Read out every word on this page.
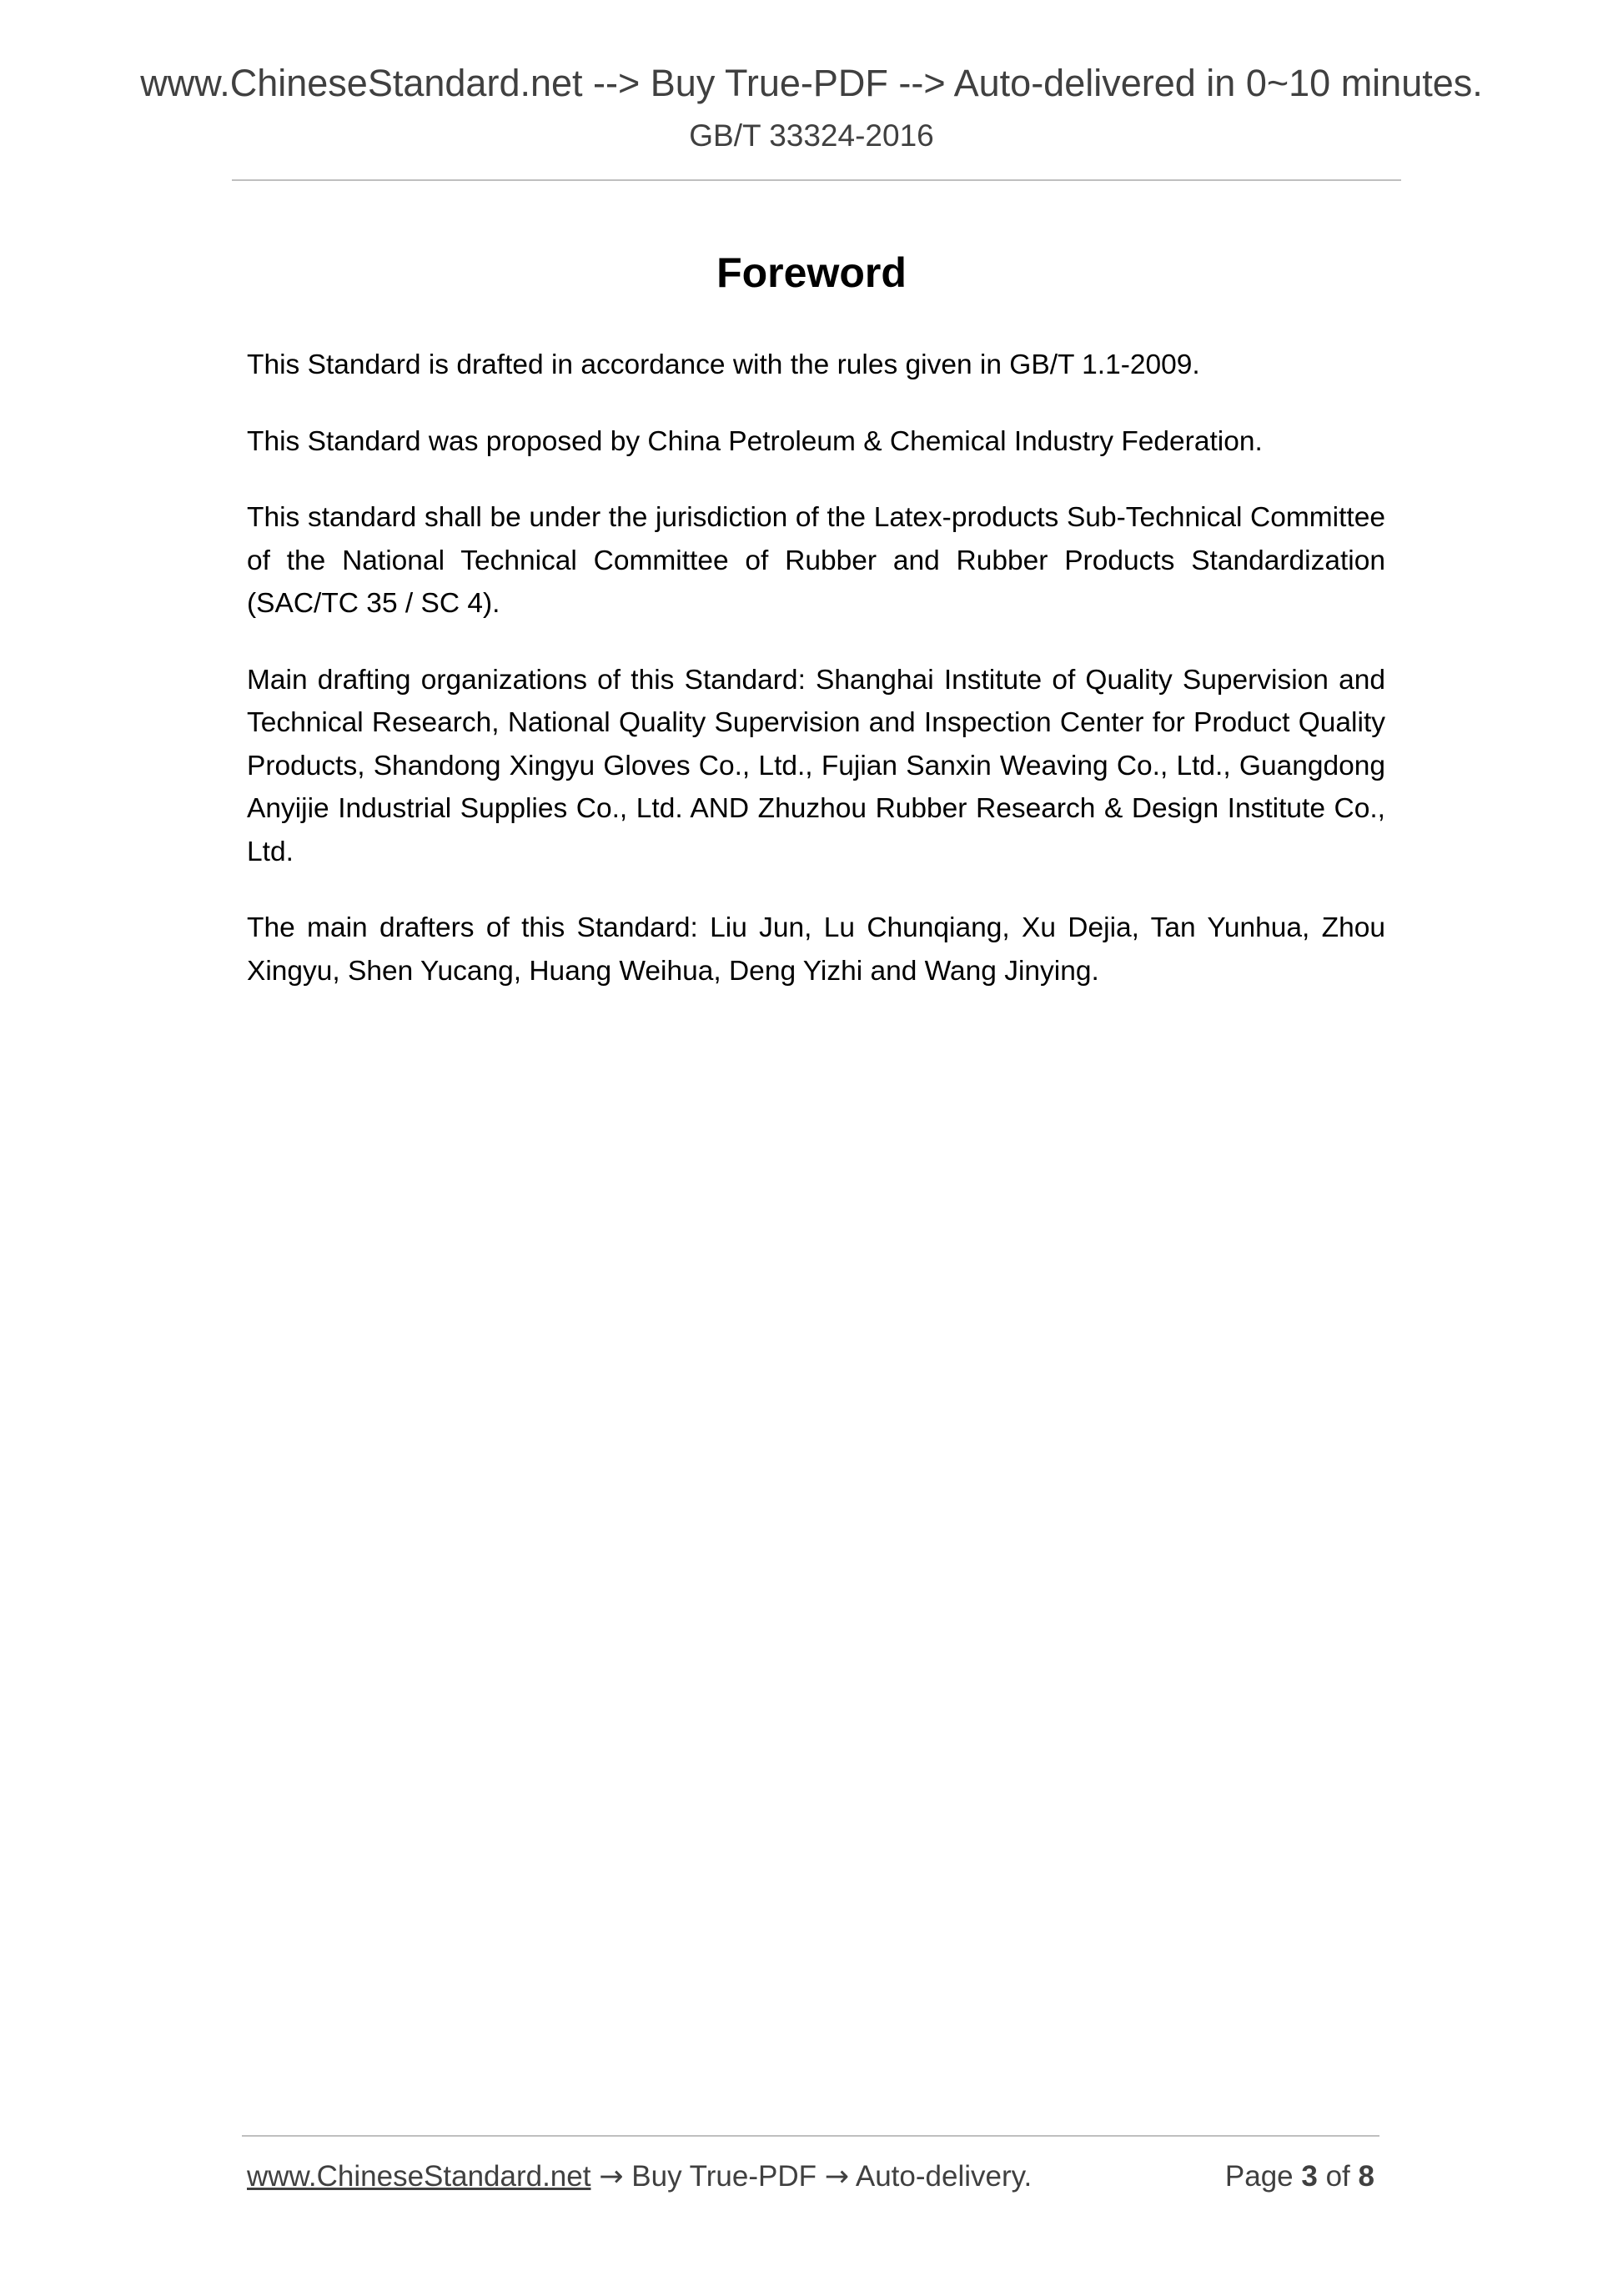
www.ChineseStandard.net --> Buy True-PDF --> Auto-delivered in 0~10 minutes.
GB/T 33324-2016
Foreword

This Standard is drafted in accordance with the rules given in GB/T 1.1-2009.

This Standard was proposed by China Petroleum & Chemical Industry Federation.

This standard shall be under the jurisdiction of the Latex-products Sub-Technical Committee of the National Technical Committee of Rubber and Rubber Products Standardization (SAC/TC 35 / SC 4).

Main drafting organizations of this Standard: Shanghai Institute of Quality Supervision and Technical Research, National Quality Supervision and Inspection Center for Product Quality Products, Shandong Xingyu Gloves Co., Ltd., Fujian Sanxin Weaving Co., Ltd., Guangdong Anyijie Industrial Supplies Co., Ltd. AND Zhuzhou Rubber Research & Design Institute Co., Ltd.

The main drafters of this Standard: Liu Jun, Lu Chunqiang, Xu Dejia, Tan Yunhua, Zhou Xingyu, Shen Yucang, Huang Weihua, Deng Yizhi and Wang Jinying.

www.ChineseStandard.net → Buy True-PDF → Auto-delivery.	Page 3 of 8
